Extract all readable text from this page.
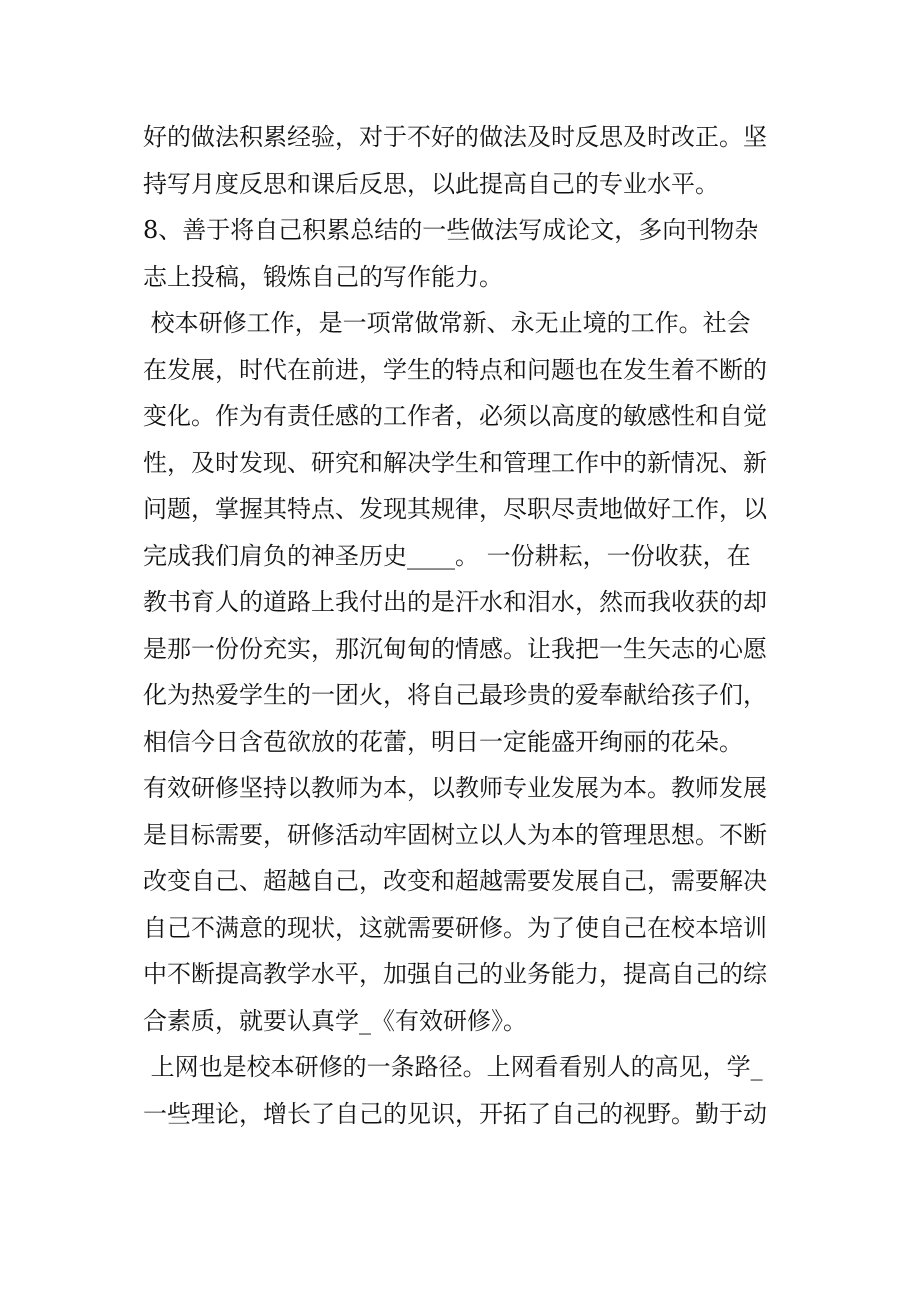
好的做法积累经验，对于不好的做法及时反思及时改正。坚
持写月度反思和课后反思，以此提高自己的专业水平。
8、善于将自己积累总结的一些做法写成论文，多向刊物杂
志上投稿，锻炼自己的写作能力。
校本研修工作，是一项常做常新、永无止境的工作。社会
在发展，时代在前进，学生的特点和问题也在发生着不断的
变化。作为有责任感的工作者，必须以高度的敏感性和自觉
性，及时发现、研究和解决学生和管理工作中的新情况、新
问题，掌握其特点、发现其规律，尽职尽责地做好工作，以
完成我们肩负的神圣历史____。 一份耕耘，一份收获，在
教书育人的道路上我付出的是汗水和泪水，然而我收获的却
是那一份份充实，那沉甸甸的情感。让我把一生矢志的心愿
化为热爱学生的一团火，将自己最珍贵的爱奉献给孩子们，
相信今日含苞欲放的花蕾，明日一定能盛开绚丽的花朵。
有效研修坚持以教师为本，以教师专业发展为本。教师发展
是目标需要，研修活动牢固树立以人为本的管理思想。不断
改变自己、超越自己，改变和超越需要发展自己，需要解决
自己不满意的现状，这就需要研修。为了使自己在校本培训
中不断提高教学水平，加强自己的业务能力，提高自己的综
合素质，就要认真学_《有效研修》。
上网也是校本研修的一条路径。上网看看别人的高见，学_
一些理论，增长了自己的见识，开拓了自己的视野。勤于动
